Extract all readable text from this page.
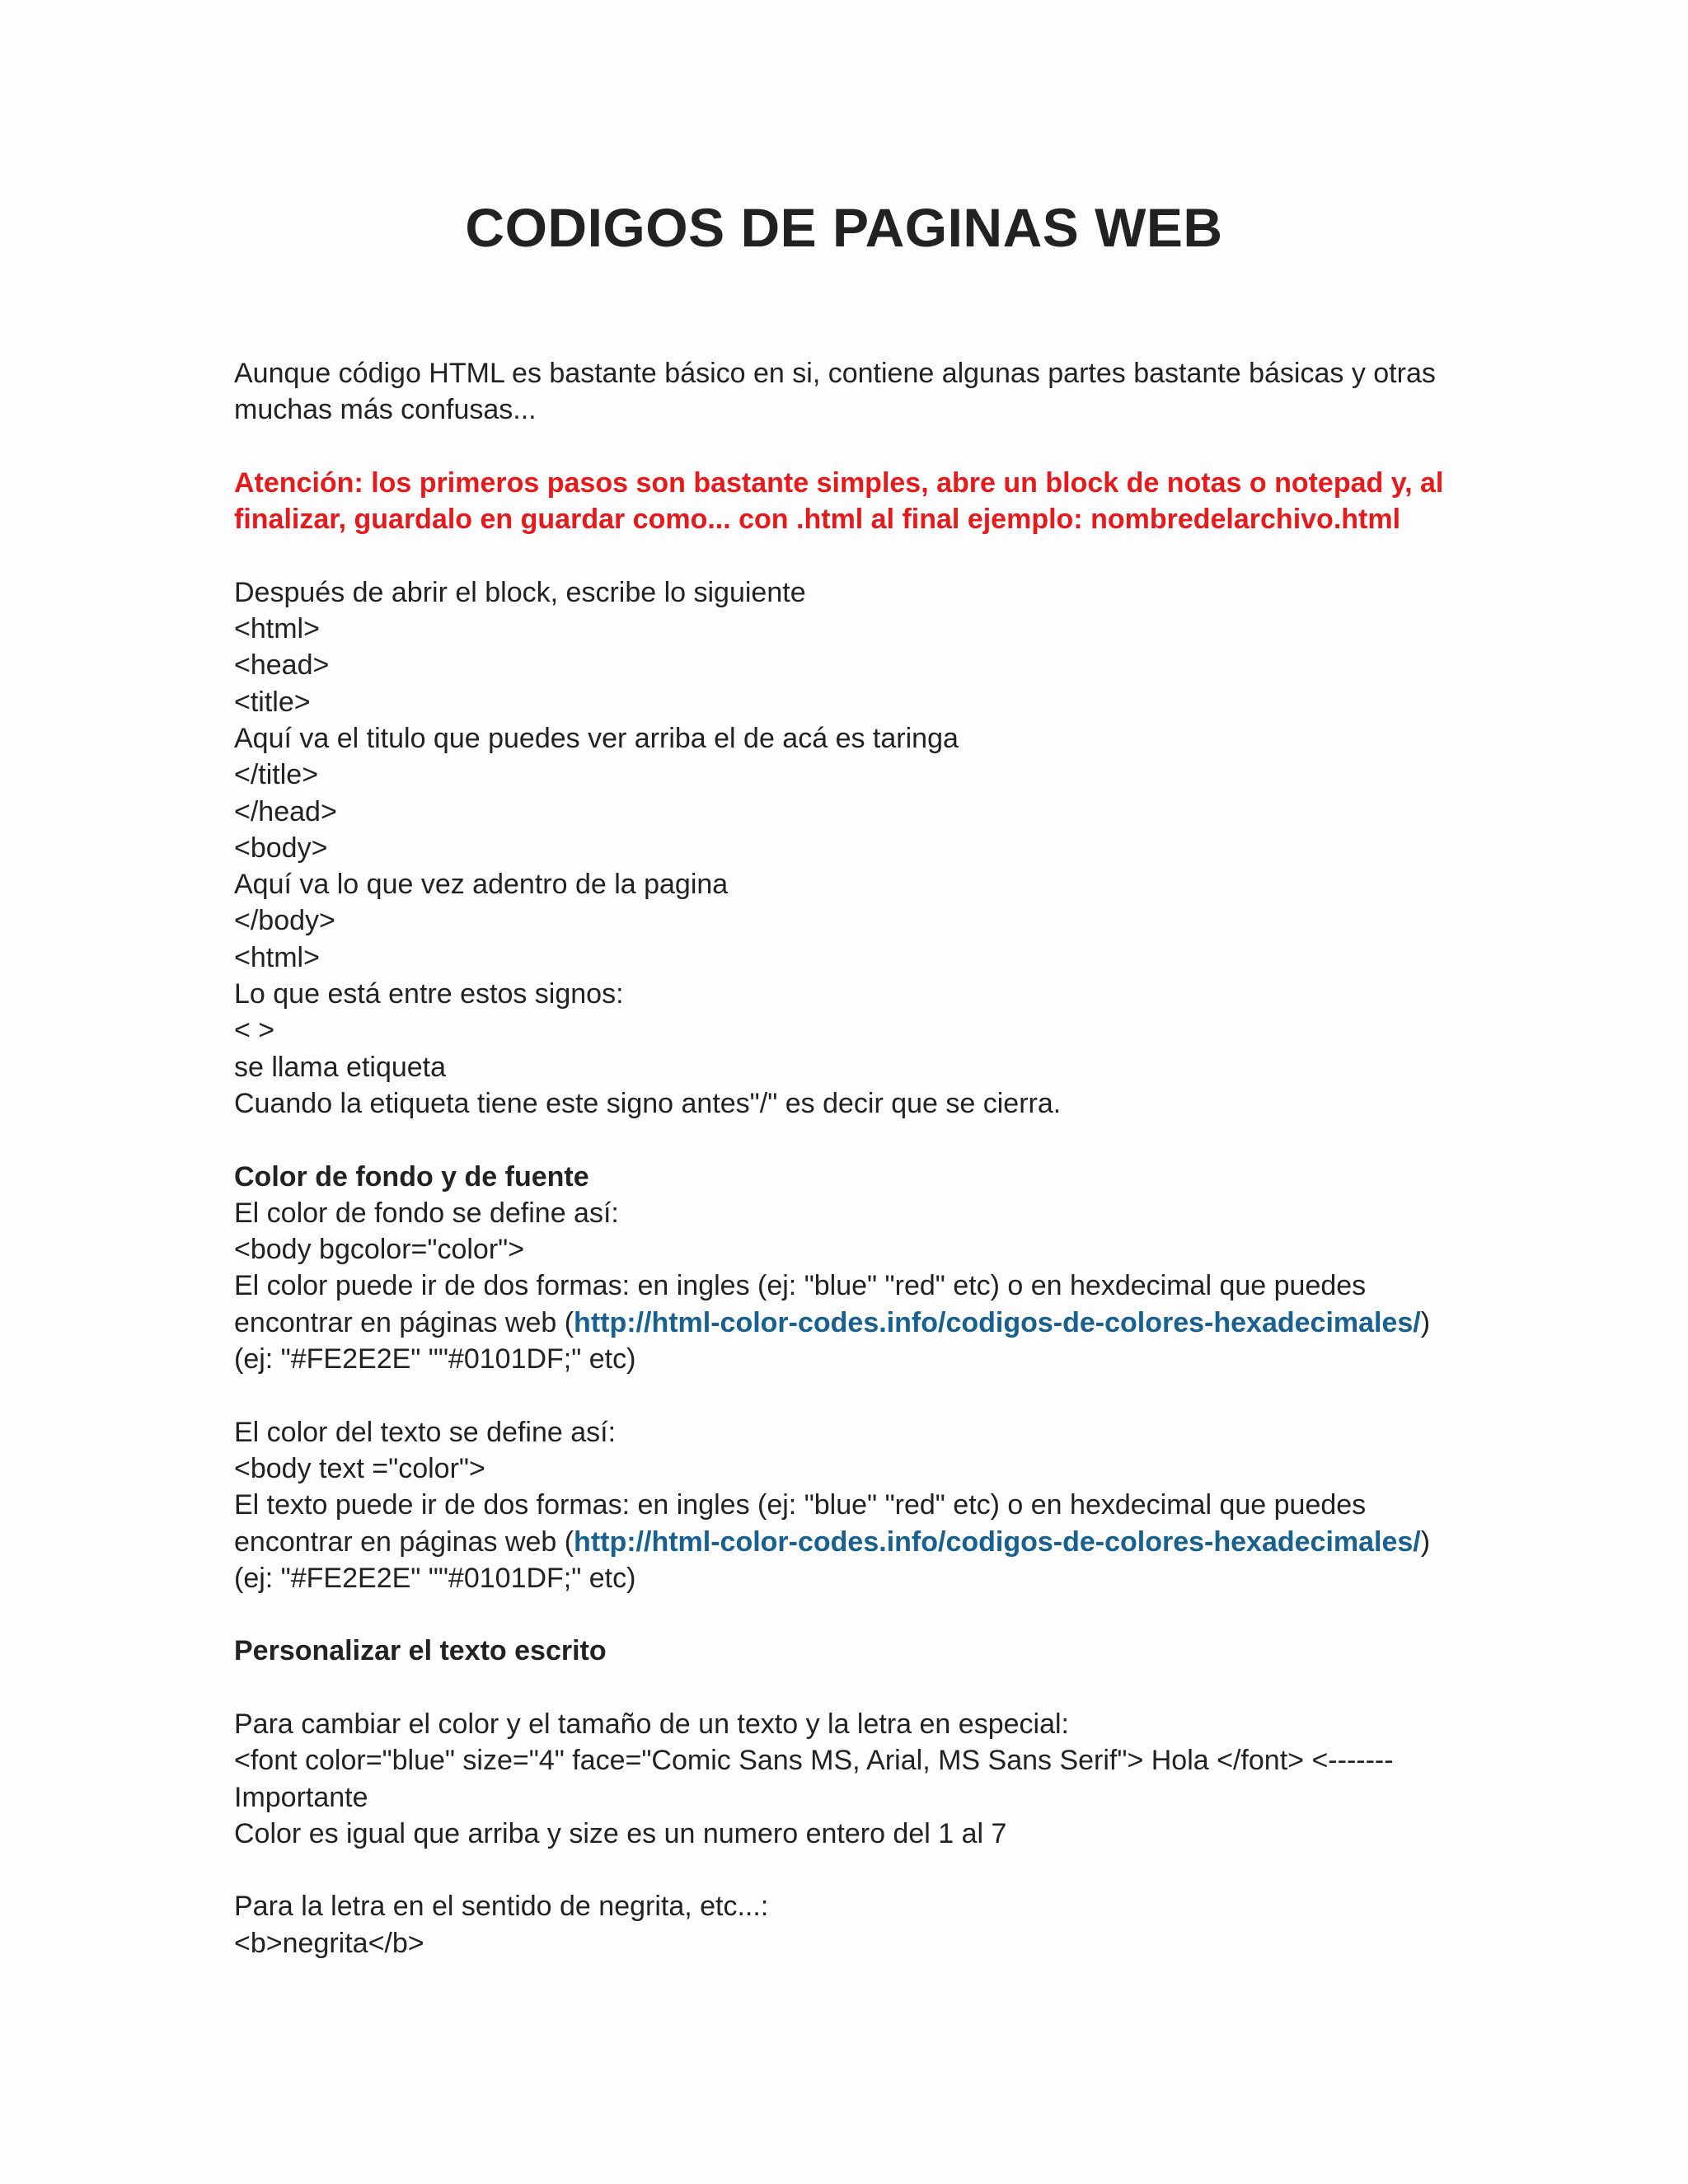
CODIGOS DE PAGINAS WEB
Aunque código HTML es bastante básico en si, contiene algunas partes bastante básicas y otras
muchas más confusas...
Atención: los primeros pasos son bastante simples, abre un block de notas o notepad y, al
finalizar, guardalo en guardar como... con .html al final ejemplo: nombredelarchivo.html
Después de abrir el block, escribe lo siguiente
<html>
<head>
<title>
Aquí va el titulo que puedes ver arriba el de acá es taringa
</title>
</head>
<body>
Aquí va lo que vez adentro de la pagina
</body>
<html>
Lo que está entre estos signos:
< >
se llama etiqueta
Cuando la etiqueta tiene este signo antes"/" es decir que se cierra.
Color de fondo y de fuente
El color de fondo se define así:
<body bgcolor="color">
El color puede ir de dos formas: en ingles (ej: "blue" "red" etc) o en hexdecimal que puedes
encontrar en páginas web (http://html-color-codes.info/codigos-de-colores-hexadecimales/)
(ej: "#FE2E2E" ""#0101DF;" etc)
El color del texto se define así:
<body text ="color">
El texto puede ir de dos formas: en ingles (ej: "blue" "red" etc) o en hexdecimal que puedes
encontrar en páginas web (http://html-color-codes.info/codigos-de-colores-hexadecimales/)
(ej: "#FE2E2E" ""#0101DF;" etc)
Personalizar el texto escrito
Para cambiar el color y el tamaño de un texto y la letra en especial:
<font color="blue" size="4" face="Comic Sans MS, Arial, MS Sans Serif"> Hola </font> <-------
Importante
Color es igual que arriba y size es un numero entero del 1 al 7
Para la letra en el sentido de negrita, etc...:
<b>negrita</b>
